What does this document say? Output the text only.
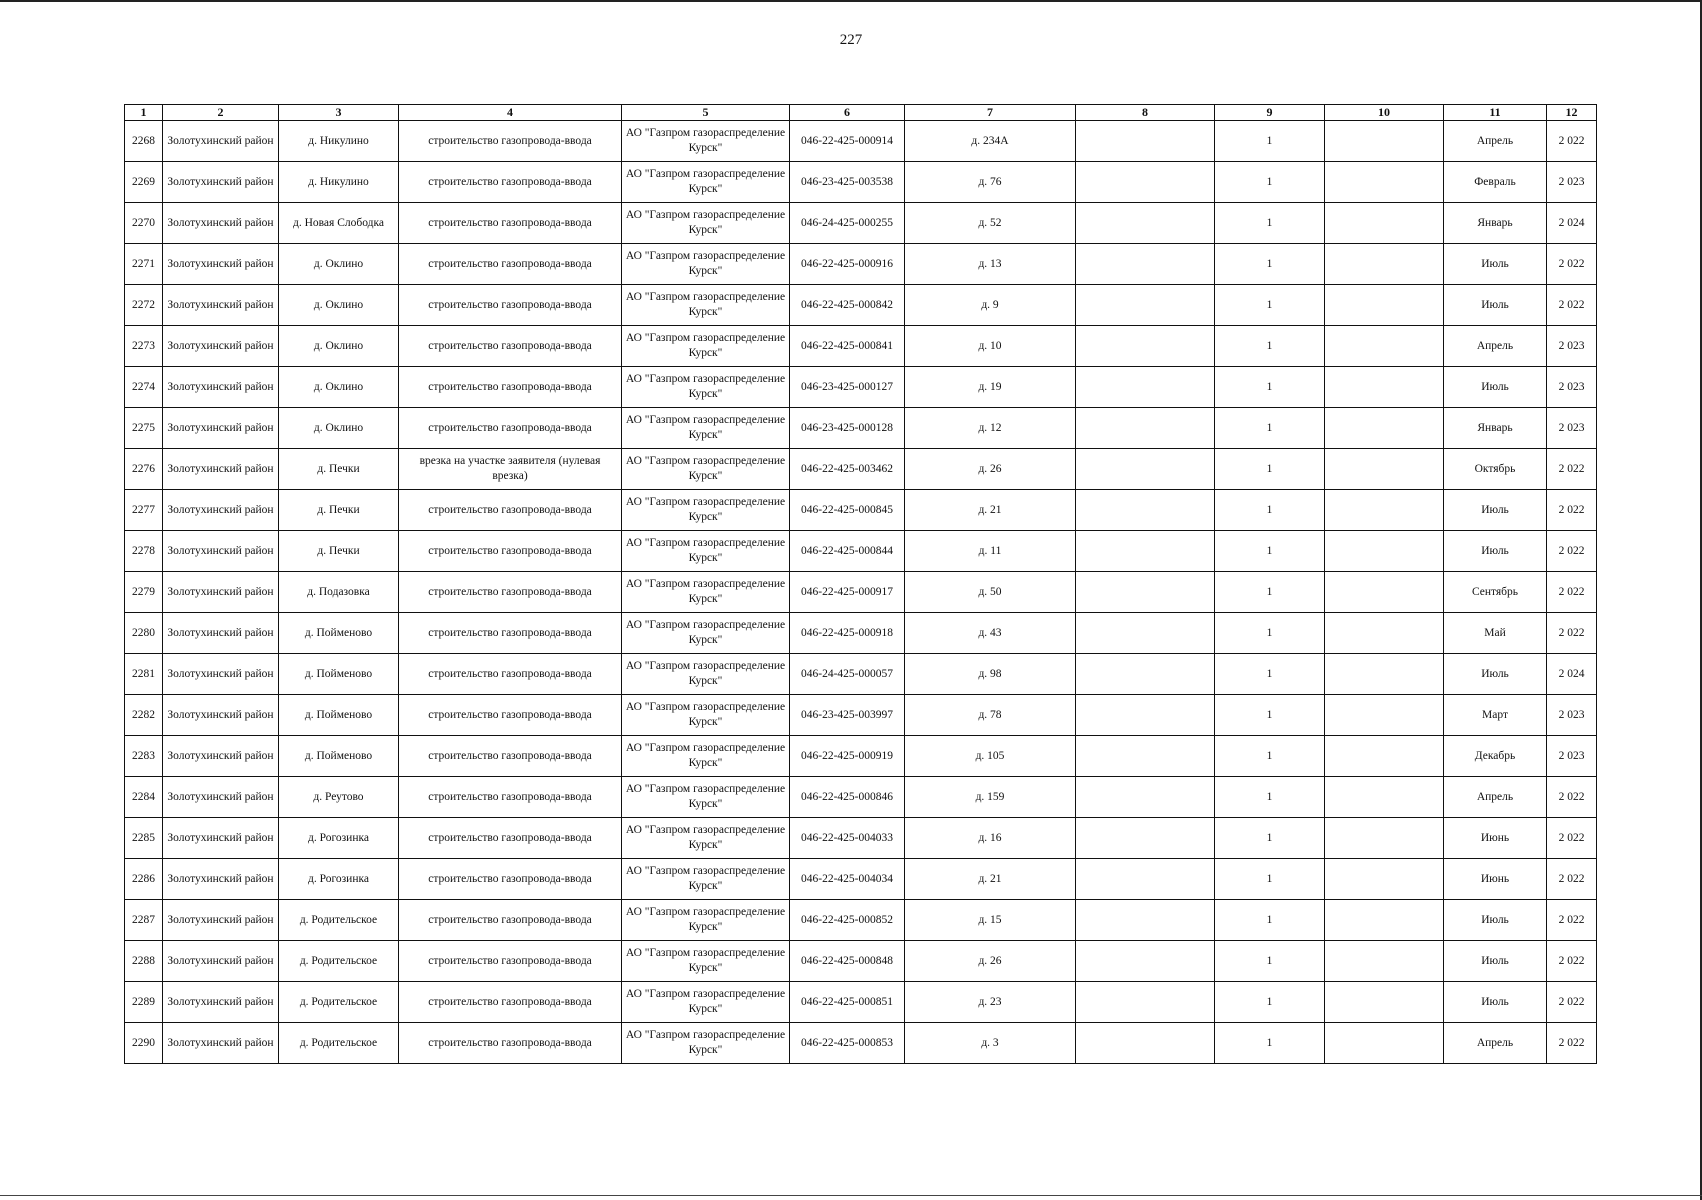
227
1	2	3	4	5	6	7	8	9	10	11	12
2268	Золотухинский район	д. Никулино	строительство газопровода-ввода	АО "Газпром газораспределение Курск"	046-22-425-000914	д. 234А		1		Апрель	2 022
2269	Золотухинский район	д. Никулино	строительство газопровода-ввода	АО "Газпром газораспределение Курск"	046-23-425-003538	д. 76		1		Февраль	2 023
2270	Золотухинский район	д. Новая Слободка	строительство газопровода-ввода	АО "Газпром газораспределение Курск"	046-24-425-000255	д. 52		1		Январь	2 024
2271	Золотухинский район	д. Оклино	строительство газопровода-ввода	АО "Газпром газораспределение Курск"	046-22-425-000916	д. 13		1		Июль	2 022
2272	Золотухинский район	д. Оклино	строительство газопровода-ввода	АО "Газпром газораспределение Курск"	046-22-425-000842	д. 9		1		Июль	2 022
2273	Золотухинский район	д. Оклино	строительство газопровода-ввода	АО "Газпром газораспределение Курск"	046-22-425-000841	д. 10		1		Апрель	2 023
2274	Золотухинский район	д. Оклино	строительство газопровода-ввода	АО "Газпром газораспределение Курск"	046-23-425-000127	д. 19		1		Июль	2 023
2275	Золотухинский район	д. Оклино	строительство газопровода-ввода	АО "Газпром газораспределение Курск"	046-23-425-000128	д. 12		1		Январь	2 023
2276	Золотухинский район	д. Печки	врезка на участке заявителя (нулевая врезка)	АО "Газпром газораспределение Курск"	046-22-425-003462	д. 26		1		Октябрь	2 022
2277	Золотухинский район	д. Печки	строительство газопровода-ввода	АО "Газпром газораспределение Курск"	046-22-425-000845	д. 21		1		Июль	2 022
2278	Золотухинский район	д. Печки	строительство газопровода-ввода	АО "Газпром газораспределение Курск"	046-22-425-000844	д. 11		1		Июль	2 022
2279	Золотухинский район	д. Подазовка	строительство газопровода-ввода	АО "Газпром газораспределение Курск"	046-22-425-000917	д. 50		1		Сентябрь	2 022
2280	Золотухинский район	д. Пойменово	строительство газопровода-ввода	АО "Газпром газораспределение Курск"	046-22-425-000918	д. 43		1		Май	2 022
2281	Золотухинский район	д. Пойменово	строительство газопровода-ввода	АО "Газпром газораспределение Курск"	046-24-425-000057	д. 98		1		Июль	2 024
2282	Золотухинский район	д. Пойменово	строительство газопровода-ввода	АО "Газпром газораспределение Курск"	046-23-425-003997	д. 78		1		Март	2 023
2283	Золотухинский район	д. Пойменово	строительство газопровода-ввода	АО "Газпром газораспределение Курск"	046-22-425-000919	д. 105		1		Декабрь	2 023
2284	Золотухинский район	д. Реутово	строительство газопровода-ввода	АО "Газпром газораспределение Курск"	046-22-425-000846	д. 159		1		Апрель	2 022
2285	Золотухинский район	д. Рогозинка	строительство газопровода-ввода	АО "Газпром газораспределение Курск"	046-22-425-004033	д. 16		1		Июнь	2 022
2286	Золотухинский район	д. Рогозинка	строительство газопровода-ввода	АО "Газпром газораспределение Курск"	046-22-425-004034	д. 21		1		Июнь	2 022
2287	Золотухинский район	д. Родительское	строительство газопровода-ввода	АО "Газпром газораспределение Курск"	046-22-425-000852	д. 15		1		Июль	2 022
2288	Золотухинский район	д. Родительское	строительство газопровода-ввода	АО "Газпром газораспределение Курск"	046-22-425-000848	д. 26		1		Июль	2 022
2289	Золотухинский район	д. Родительское	строительство газопровода-ввода	АО "Газпром газораспределение Курск"	046-22-425-000851	д. 23		1		Июль	2 022
2290	Золотухинский район	д. Родительское	строительство газопровода-ввода	АО "Газпром газораспределение Курск"	046-22-425-000853	д. 3		1		Апрель	2 022
